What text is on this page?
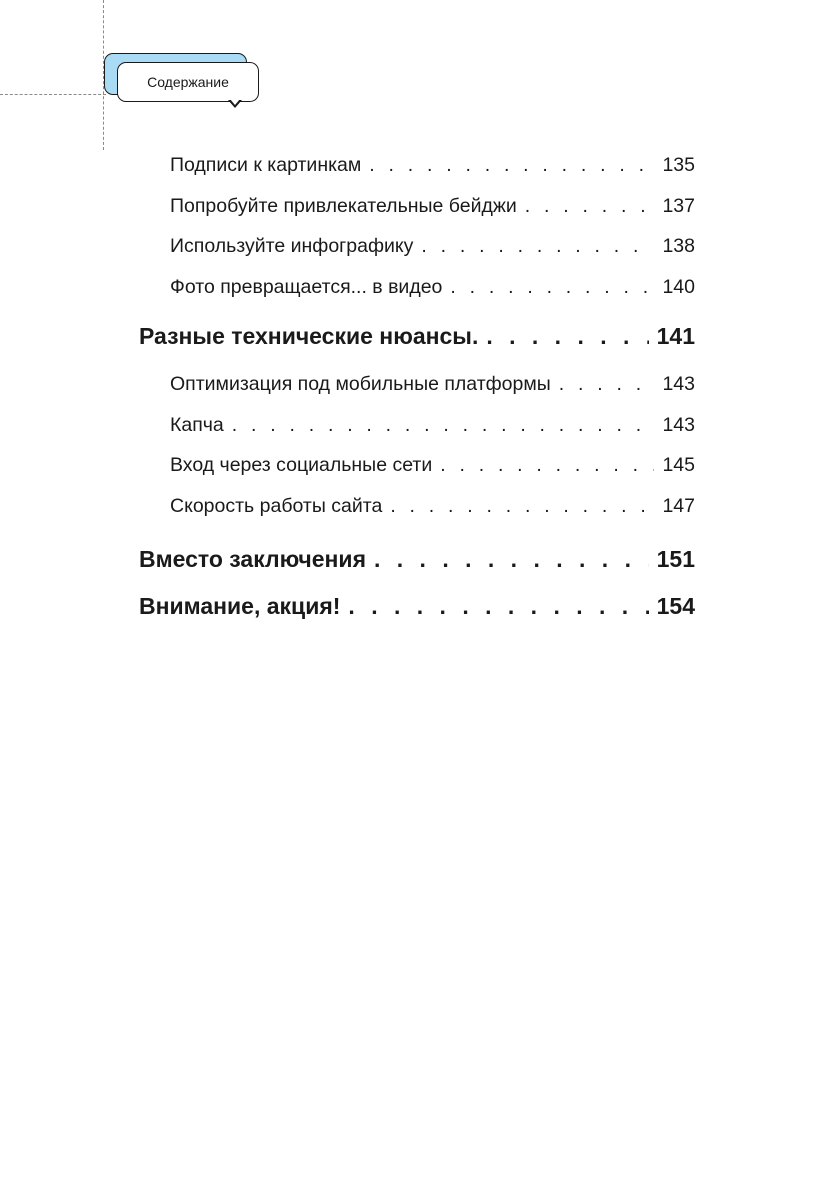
Содержание
Подписи к картинкам . . .	135
Попробуйте привлекательные бейджи . . .	137
Используйте инфографику . . .	138
Фото превращается... в видео . . .	140
Разные технические нюансы. . . .	141
Оптимизация под мобильные платформы . . .	143
Капча . . .	143
Вход через социальные сети . . .	145
Скорость работы сайта . . .	147
Вместо заключения . . .	151
Внимание, акция! . . .	154
